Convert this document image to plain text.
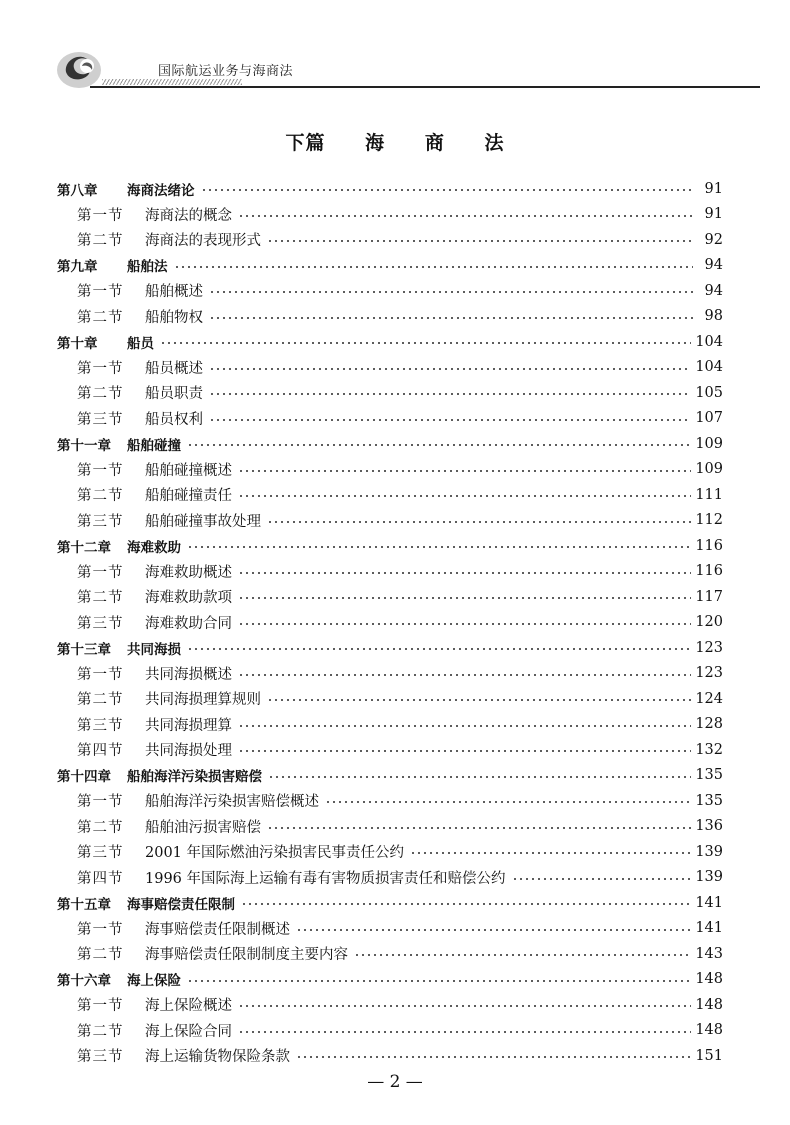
国际航运业务与海商法
下篇 海 商 法
第八章	海商法绪论	91
第一节	海商法的概念	91
第二节	海商法的表现形式	92
第九章	船舶法	94
第一节	船舶概述	94
第二节	船舶物权	98
第十章	船员	104
第一节	船员概述	104
第二节	船员职责	105
第三节	船员权利	107
第十一章	船舶碰撞	109
第一节	船舶碰撞概述	109
第二节	船舶碰撞责任	111
第三节	船舶碰撞事故处理	112
第十二章	海难救助	116
第一节	海难救助概述	116
第二节	海难救助款项	117
第三节	海难救助合同	120
第十三章	共同海损	123
第一节	共同海损概述	123
第二节	共同海损理算规则	124
第三节	共同海损理算	128
第四节	共同海损处理	132
第十四章	船舶海洋污染损害赔偿	135
第一节	船舶海洋污染损害赔偿概述	135
第二节	船舶油污损害赔偿	136
第三节	2001 年国际燃油污染损害民事责任公约	139
第四节	1996 年国际海上运输有毒有害物质损害责任和赔偿公约	139
第十五章	海事赔偿责任限制	141
第一节	海事赔偿责任限制概述	141
第二节	海事赔偿责任限制制度主要内容	143
第十六章	海上保险	148
第一节	海上保险概述	148
第二节	海上保险合同	148
第三节	海上运输货物保险条款	151
— 2 —
